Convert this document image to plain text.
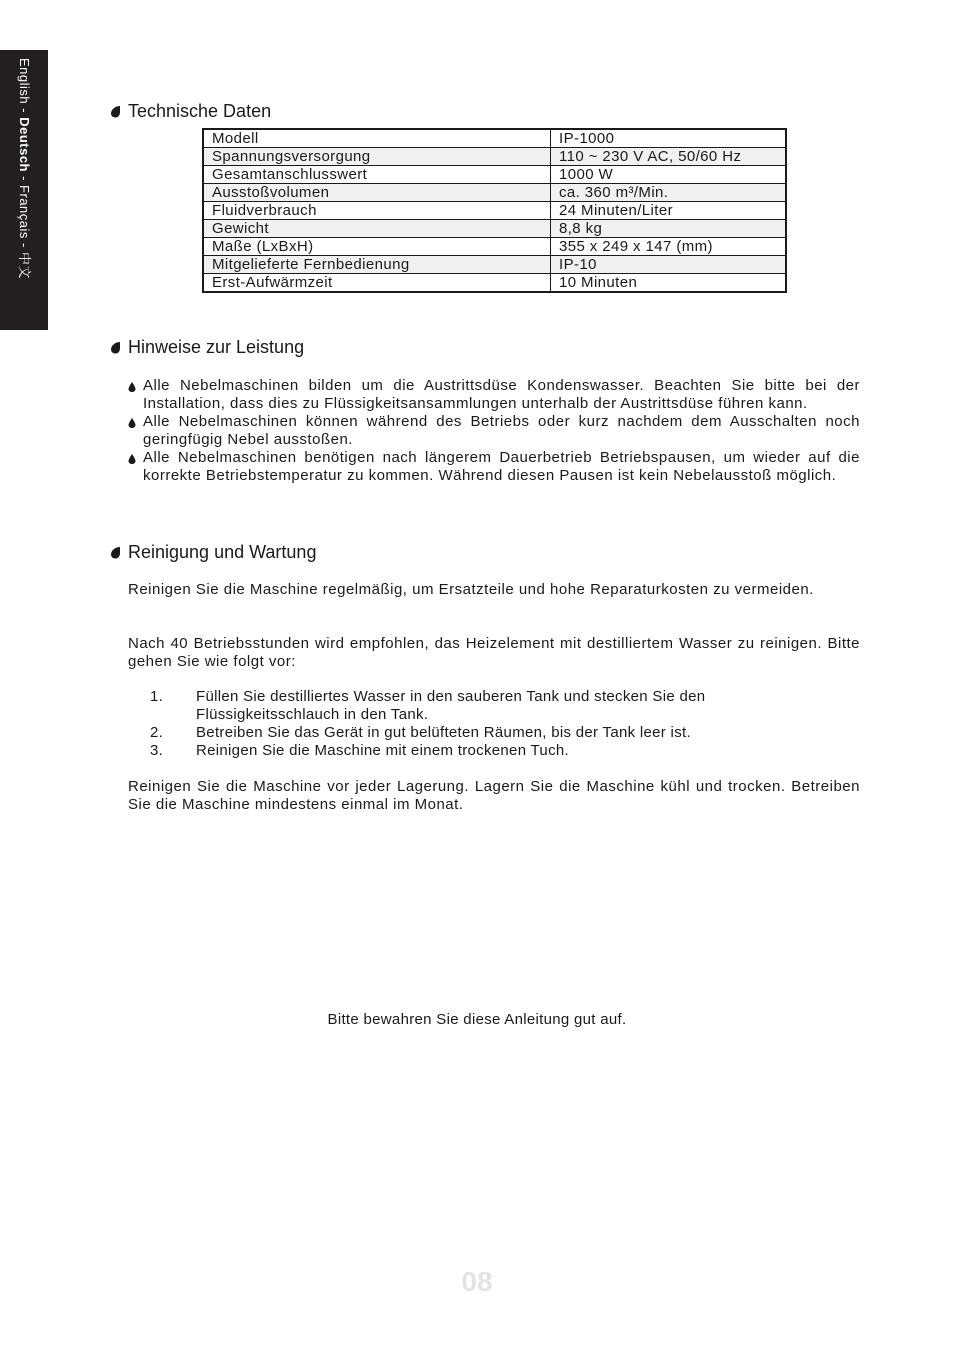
English - Deutsch - Français - 中文
Technische Daten
Modell	IP-1000
Spannungsversorgung	110 ~ 230 V AC, 50/60 Hz
Gesamtanschlusswert	1000 W
Ausstoßvolumen	ca. 360 m³/Min.
Fluidverbrauch	24 Minuten/Liter
Gewicht	8,8 kg
Maße (LxBxH)	355 x 249 x 147 (mm)
Mitgelieferte Fernbedienung	IP-10
Erst-Aufwärmzeit	10 Minuten
Hinweise zur Leistung
Alle Nebelmaschinen bilden um die Austrittsdüse Kondenswasser. Beachten Sie bitte bei der Installation, dass dies zu Flüssigkeitsansammlungen unterhalb der Austrittsdüse führen kann.
Alle Nebelmaschinen können während des Betriebs oder kurz nachdem dem Ausschalten noch geringfügig Nebel ausstoßen.
Alle Nebelmaschinen benötigen nach längerem Dauerbetrieb Betriebspausen, um wieder auf die korrekte Betriebstemperatur zu kommen. Während diesen Pausen ist kein Nebelausstoß möglich.
Reinigung und Wartung
Reinigen Sie die Maschine regelmäßig, um Ersatzteile und hohe Reparaturkosten zu vermeiden.
Nach 40 Betriebsstunden wird empfohlen, das Heizelement mit destilliertem Wasser zu reinigen. Bitte gehen Sie wie folgt vor:
1.	Füllen Sie destilliertes Wasser in den sauberen Tank und stecken Sie den Flüssigkeitsschlauch in den Tank.
2.	Betreiben Sie das Gerät in gut belüfteten Räumen, bis der Tank leer ist.
3.	Reinigen Sie die Maschine mit einem trockenen Tuch.
Reinigen Sie die Maschine vor jeder Lagerung. Lagern Sie die Maschine kühl und trocken. Betreiben Sie die Maschine mindestens einmal im Monat.
Bitte bewahren Sie diese Anleitung gut auf.
08
